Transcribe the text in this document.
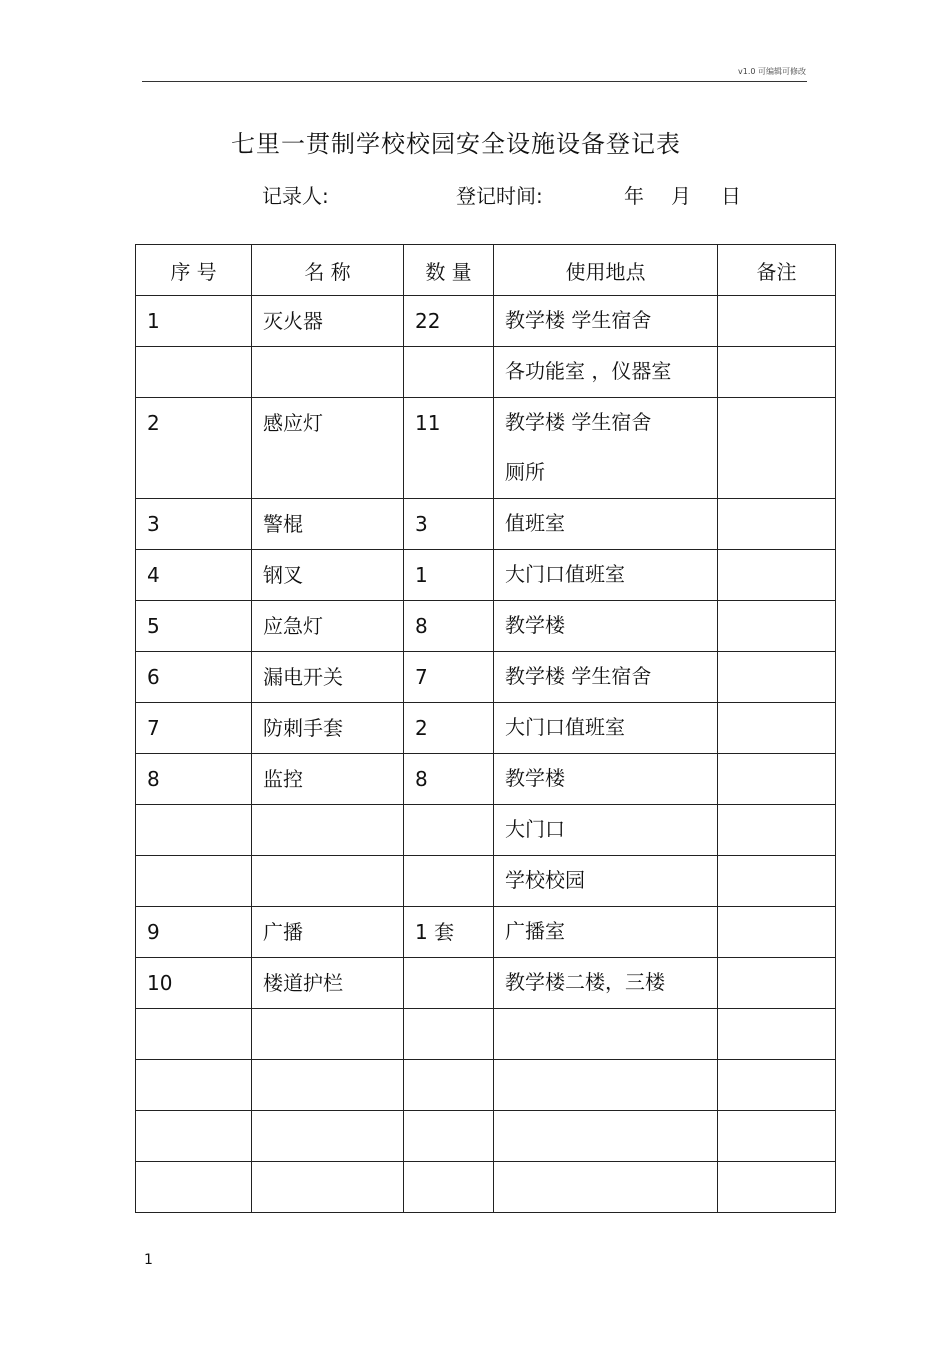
v1.0 可编辑可修改
七里一贯制学校校园安全设施设备登记表
记录人:	登记时间:	年 月 日
序 号	名 称	数 量	使用地点	备注
1	灭火器	22	教学楼 学生宿舍	

			各功能室 ，仪器室	

2	感应灯	11	教学楼 学生宿舍
厕所	

3	警棍	3	值班室	

4	钢叉	1	大门口值班室	

5	应急灯	8	教学楼	

6	漏电开关	7	教学楼 学生宿舍	

7	防刺手套	2	大门口值班室	

8	监控	8	教学楼	

			大门口	

			学校校园	

9	广播	1 套	广播室	

10	楼道护栏		教学楼二楼，三楼	

1
